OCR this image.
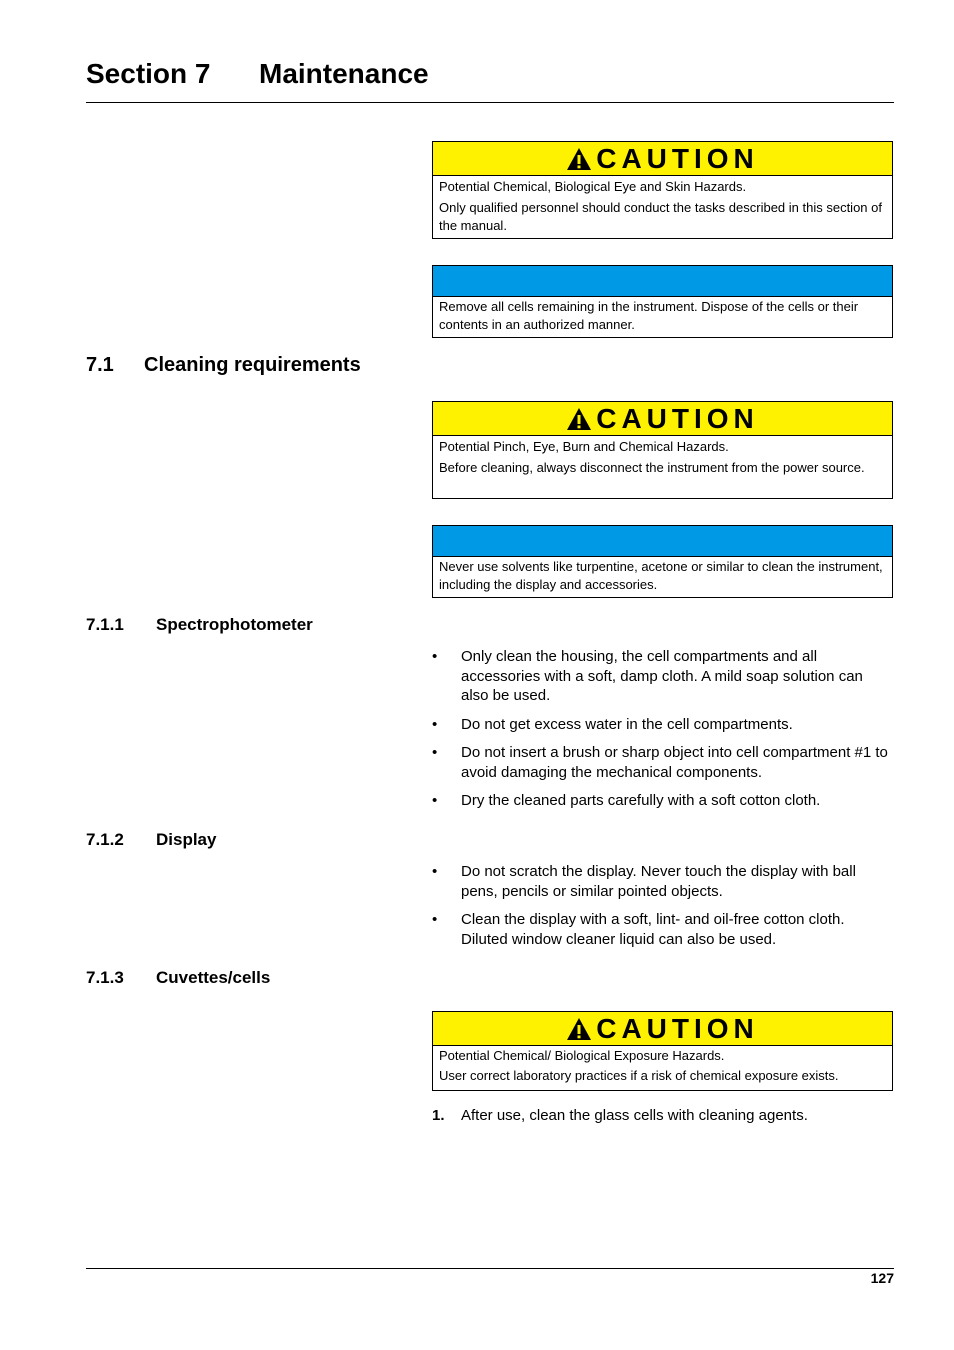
Section 7 Maintenance
CAUTION

Potential Chemical, Biological Eye and Skin Hazards.

Only qualified personnel should conduct the tasks described in this section of the manual.

Remove all cells remaining in the instrument. Dispose of the cells or their contents in an authorized manner.

7.1 Cleaning requirements
CAUTION

Potential Pinch, Eye, Burn and Chemical Hazards.

Before cleaning, always disconnect the instrument from the power source.

Never use solvents like turpentine, acetone or similar to clean the instrument, including the display and accessories.

7.1.1 Spectrophotometer
• Only clean the housing, the cell compartments and all accessories with a soft, damp cloth. A mild soap solution can also be used.
• Do not get excess water in the cell compartments.
• Do not insert a brush or sharp object into cell compartment #1 to avoid damaging the mechanical components.
• Dry the cleaned parts carefully with a soft cotton cloth.
7.1.2 Display
• Do not scratch the display. Never touch the display with ball pens, pencils or similar pointed objects.
• Clean the display with a soft, lint- and oil-free cotton cloth. Diluted window cleaner liquid can also be used.
7.1.3 Cuvettes/cells
CAUTION

Potential Chemical/ Biological Exposure Hazards.

User correct laboratory practices if a risk of chemical exposure exists.

1. After use, clean the glass cells with cleaning agents.
127
